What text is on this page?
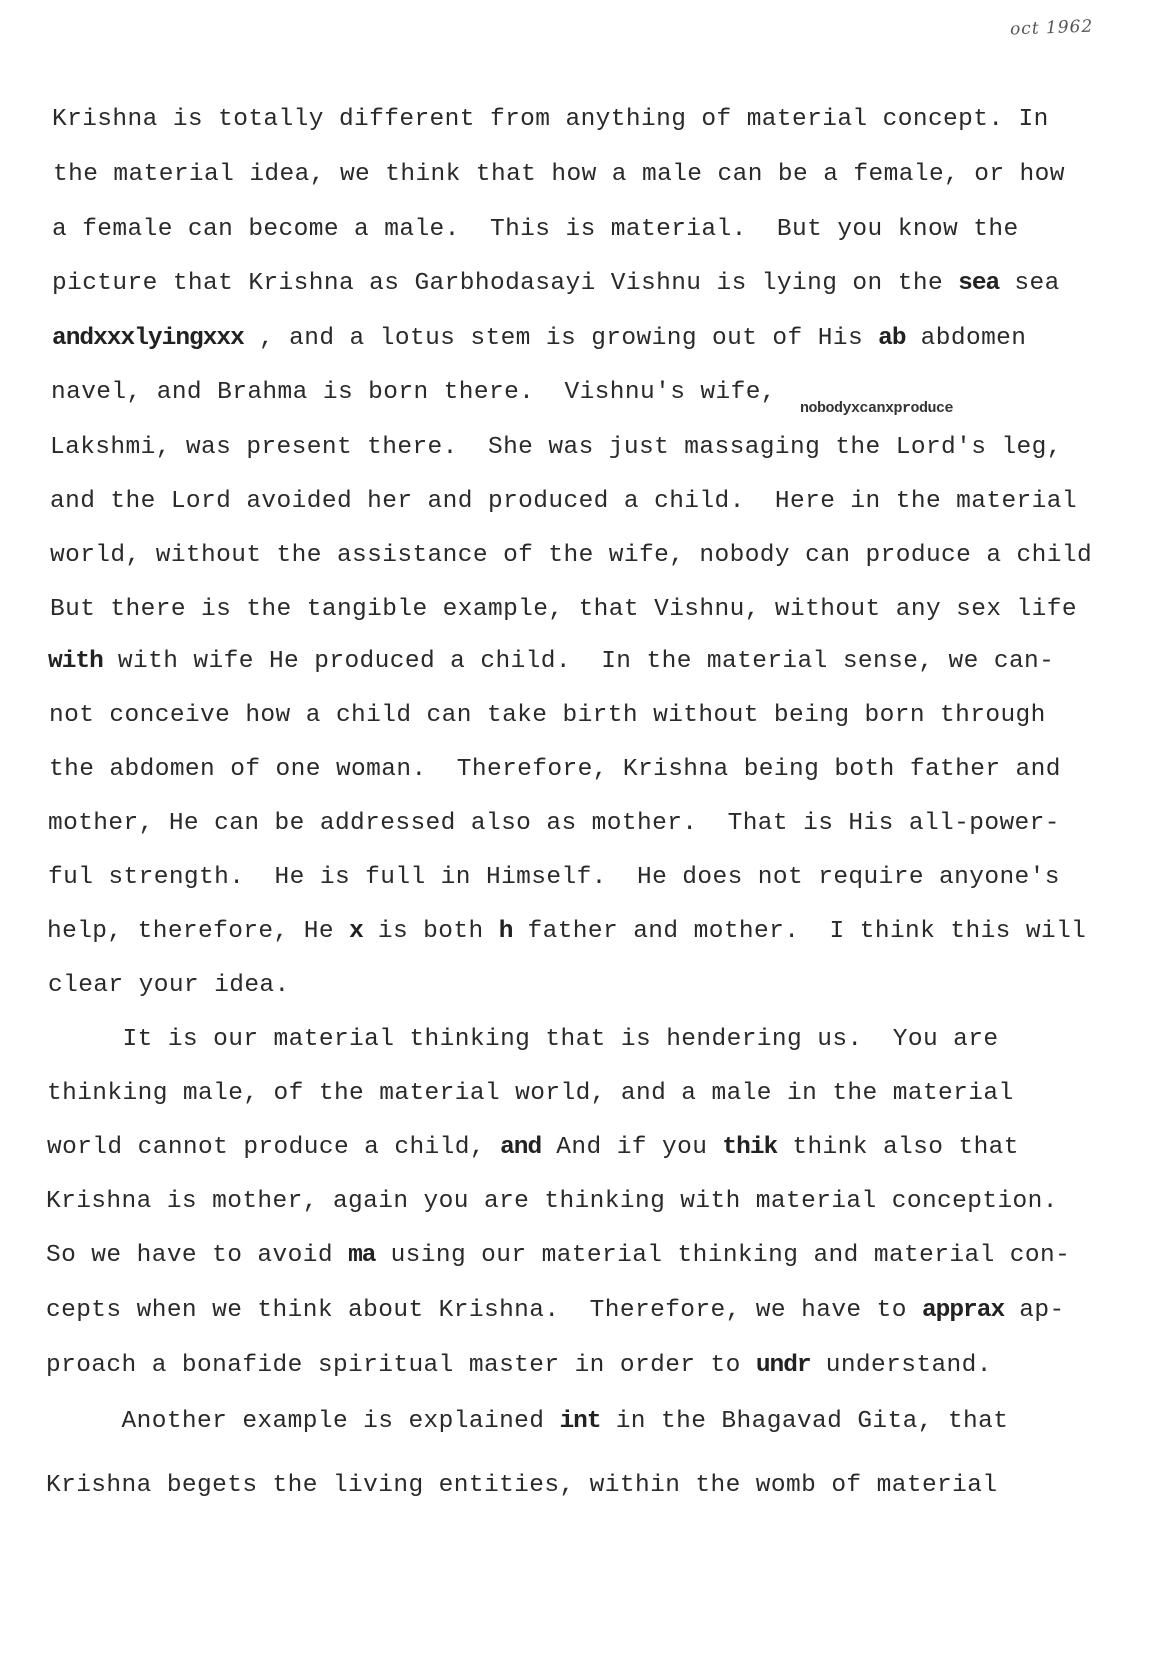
oct 1962
nobodyxcanxproduce
Krishna is totally different from anything of material concept. In
the material idea, we think that how a male can be a female, or how
a female can become a male.  This is material.  But you know the
picture that Krishna as Garbhodasayi Vishnu is lying on the sea sea
andxxxlyingxxx , and a lotus stem is growing out of His ab abdomen
navel, and Brahma is born there.  Vishnu's wife,
Lakshmi, was present there.  She was just massaging the Lord's leg,
and the Lord avoided her and produced a child.  Here in the material
world, without the assistance of the wife, nobody can produce a child
But there is the tangible example, that Vishnu, without any sex life
with with wife He produced a child.  In the material sense, we can-
not conceive how a child can take birth without being born through
the abdomen of one woman.  Therefore, Krishna being both father and
mother, He can be addressed also as mother.  That is His all-power-
ful strength.  He is full in Himself.  He does not require anyone's
help, therefore, He x is both h father and mother.  I think this will
clear your idea.
It is our material thinking that is hendering us.  You are
thinking male, of the material world, and a male in the material
world cannot produce a child, and And if you thik think also that
Krishna is mother, again you are thinking with material conception.
So we have to avoid ma using our material thinking and material con-
cepts when we think about Krishna.  Therefore, we have to apprax ap-
proach a bonafide spiritual master in order to undr understand.
Another example is explained int in the Bhagavad Gita, that
Krishna begets the living entities, within the womb of material
